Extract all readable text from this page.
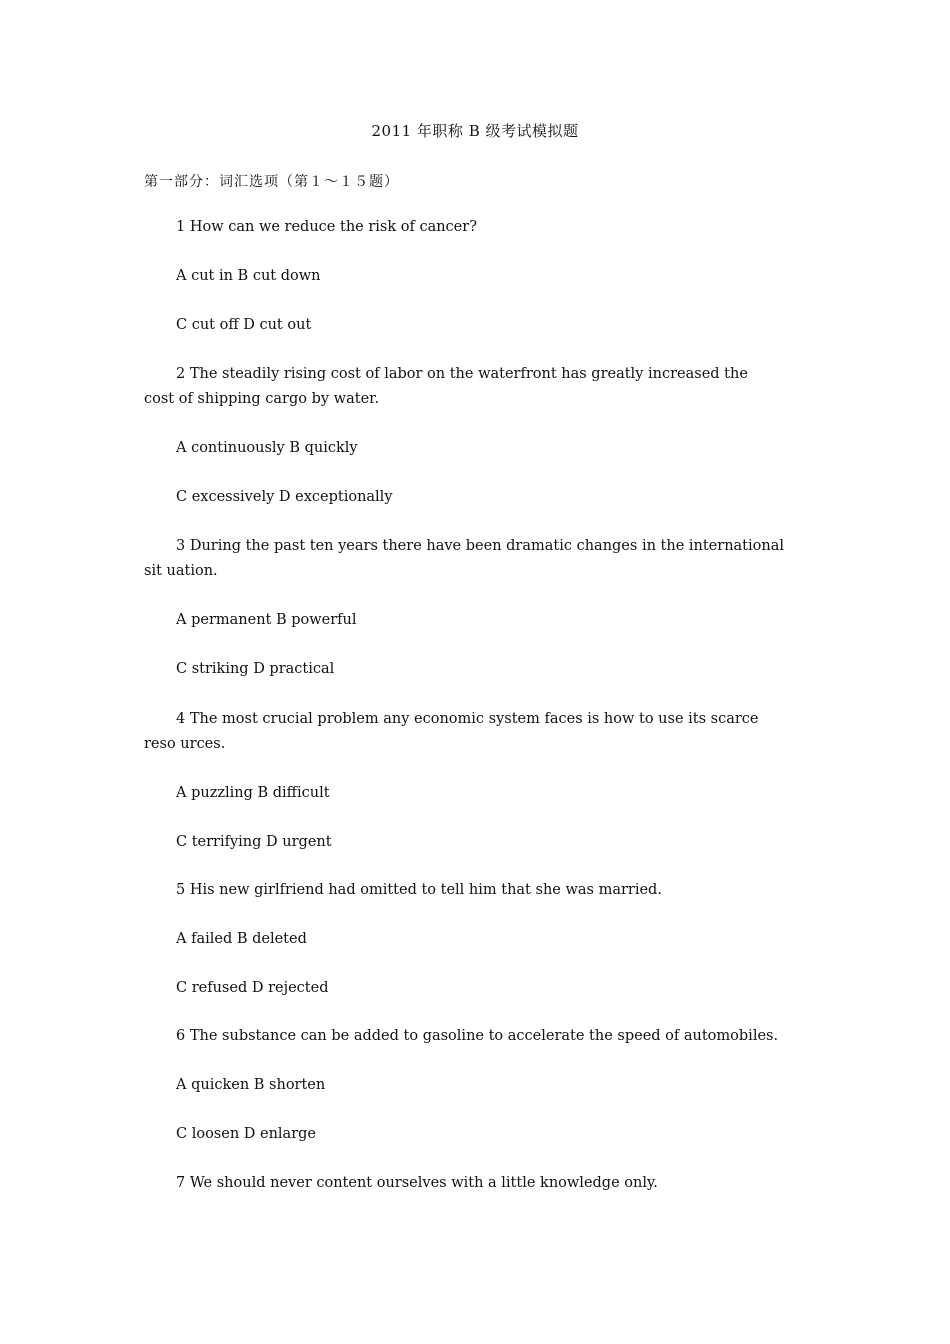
2011 年职称 B 级考试模拟题
第一部分：词汇选项（第１～１５题）
1 How can we reduce the risk of cancer?
A cut in B cut down
C cut off D cut out
2 The steadily rising cost of labor on the waterfront has greatly increased the
cost of shipping cargo by water.
A continuously B quickly
C excessively D exceptionally
3 During the past ten years there have been dramatic changes in the international
sit uation.
A permanent B powerful
C striking D practical
4 The most crucial problem any economic system faces is how to use its scarce
reso urces.
A puzzling B difficult
C terrifying D urgent
5 His new girlfriend had omitted to tell him that she was married.
A failed B deleted
C refused D rejected
6 The substance can be added to gasoline to accelerate the speed of automobiles.
A quicken B shorten
C loosen D enlarge
7 We should never content ourselves with a little knowledge only.
